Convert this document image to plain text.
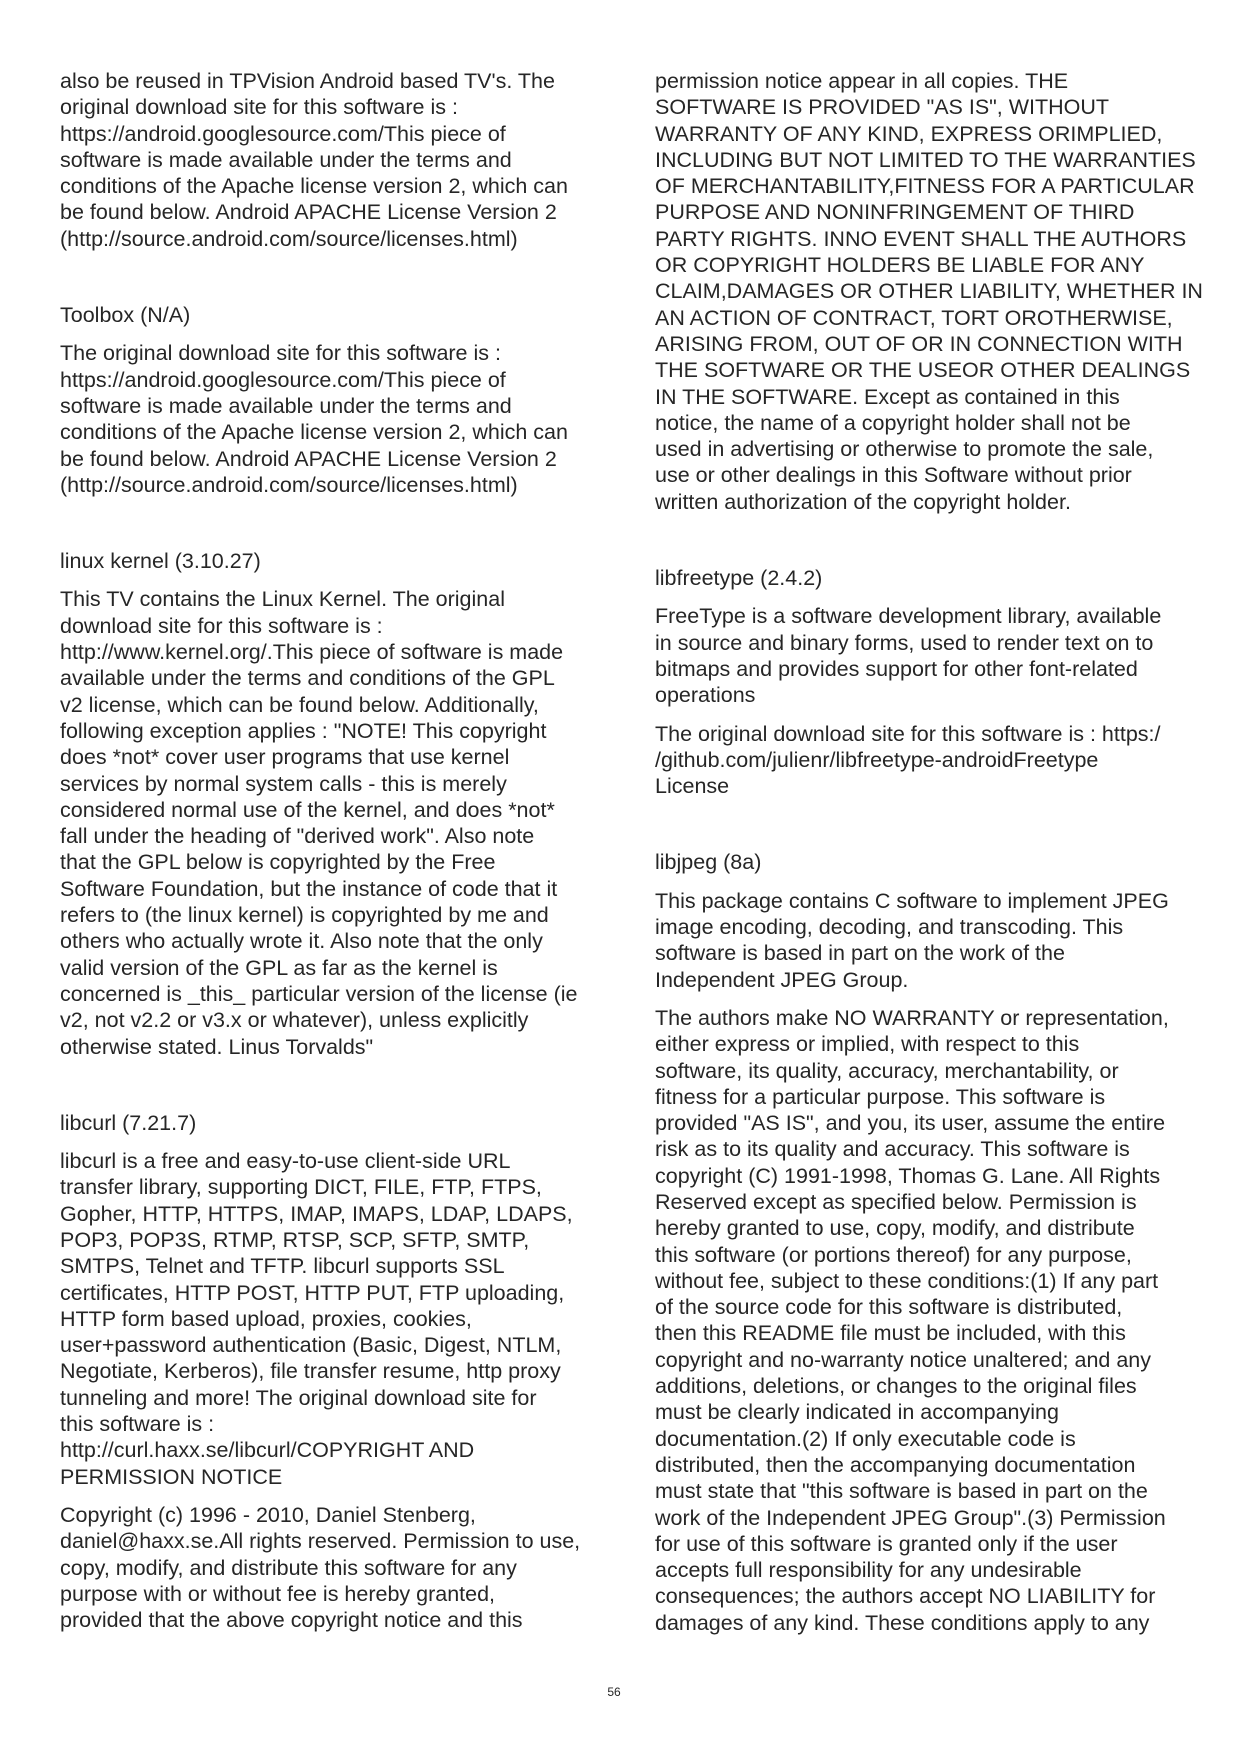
also be reused in TPVision Android based TV's. The
original download site for this software is :
https://android.googlesource.com/This piece of
software is made available under the terms and
conditions of the Apache license version 2, which can
be found below. Android APACHE License Version 2
(http://source.android.com/source/licenses.html)

Toolbox (N/A)

The original download site for this software is :
https://android.googlesource.com/This piece of
software is made available under the terms and
conditions of the Apache license version 2, which can
be found below. Android APACHE License Version 2
(http://source.android.com/source/licenses.html)

linux kernel (3.10.27)

This TV contains the Linux Kernel. The original
download site for this software is :
http://www.kernel.org/.This piece of software is made
available under the terms and conditions of the GPL
v2 license, which can be found below. Additionally,
following exception applies : "NOTE! This copyright
does *not* cover user programs that use kernel
services by normal system calls - this is merely
considered normal use of the kernel, and does *not*
fall under the heading of "derived work". Also note
that the GPL below is copyrighted by the Free
Software Foundation, but the instance of code that it
refers to (the linux kernel) is copyrighted by me and
others who actually wrote it. Also note that the only
valid version of the GPL as far as the kernel is
concerned is _this_ particular version of the license (ie
v2, not v2.2 or v3.x or whatever), unless explicitly
otherwise stated. Linus Torvalds"

libcurl (7.21.7)

libcurl is a free and easy-to-use client-side URL
transfer library, supporting DICT, FILE, FTP, FTPS,
Gopher, HTTP, HTTPS, IMAP, IMAPS, LDAP, LDAPS,
POP3, POP3S, RTMP, RTSP, SCP, SFTP, SMTP,
SMTPS, Telnet and TFTP. libcurl supports SSL
certificates, HTTP POST, HTTP PUT, FTP uploading,
HTTP form based upload, proxies, cookies,
user+password authentication (Basic, Digest, NTLM,
Negotiate, Kerberos), file transfer resume, http proxy
tunneling and more! The original download site for
this software is :
http://curl.haxx.se/libcurl/COPYRIGHT AND
PERMISSION NOTICE

Copyright (c) 1996 - 2010, Daniel Stenberg,
daniel@haxx.se.All rights reserved. Permission to use,
copy, modify, and distribute this software for any
purpose with or without fee is hereby granted,
provided that the above copyright notice and this

permission notice appear in all copies. THE
SOFTWARE IS PROVIDED "AS IS", WITHOUT
WARRANTY OF ANY KIND, EXPRESS ORIMPLIED,
INCLUDING BUT NOT LIMITED TO THE WARRANTIES
OF MERCHANTABILITY,FITNESS FOR A PARTICULAR
PURPOSE AND NONINFRINGEMENT OF THIRD
PARTY RIGHTS. INNO EVENT SHALL THE AUTHORS
OR COPYRIGHT HOLDERS BE LIABLE FOR ANY
CLAIM,DAMAGES OR OTHER LIABILITY, WHETHER IN
AN ACTION OF CONTRACT, TORT OROTHERWISE,
ARISING FROM, OUT OF OR IN CONNECTION WITH
THE SOFTWARE OR THE USEOR OTHER DEALINGS
IN THE SOFTWARE. Except as contained in this
notice, the name of a copyright holder shall not be
used in advertising or otherwise to promote the sale,
use or other dealings in this Software without prior
written authorization of the copyright holder.

libfreetype (2.4.2)

FreeType is a software development library, available
in source and binary forms, used to render text on to
bitmaps and provides support for other font-related
operations

The original download site for this software is : https:/
/github.com/julienr/libfreetype-androidFreetype
License

libjpeg (8a)

This package contains C software to implement JPEG
image encoding, decoding, and transcoding. This
software is based in part on the work of the
Independent JPEG Group.

The authors make NO WARRANTY or representation,
either express or implied, with respect to this
software, its quality, accuracy, merchantability, or
fitness for a particular purpose. This software is
provided "AS IS", and you, its user, assume the entire
risk as to its quality and accuracy. This software is
copyright (C) 1991-1998, Thomas G. Lane. All Rights
Reserved except as specified below. Permission is
hereby granted to use, copy, modify, and distribute
this software (or portions thereof) for any purpose,
without fee, subject to these conditions:(1) If any part
of the source code for this software is distributed,
then this README file must be included, with this
copyright and no-warranty notice unaltered; and any
additions, deletions, or changes to the original files
must be clearly indicated in accompanying
documentation.(2) If only executable code is
distributed, then the accompanying documentation
must state that "this software is based in part on the
work of the Independent JPEG Group".(3) Permission
for use of this software is granted only if the user
accepts full responsibility for any undesirable
consequences; the authors accept NO LIABILITY for
damages of any kind. These conditions apply to any

56
